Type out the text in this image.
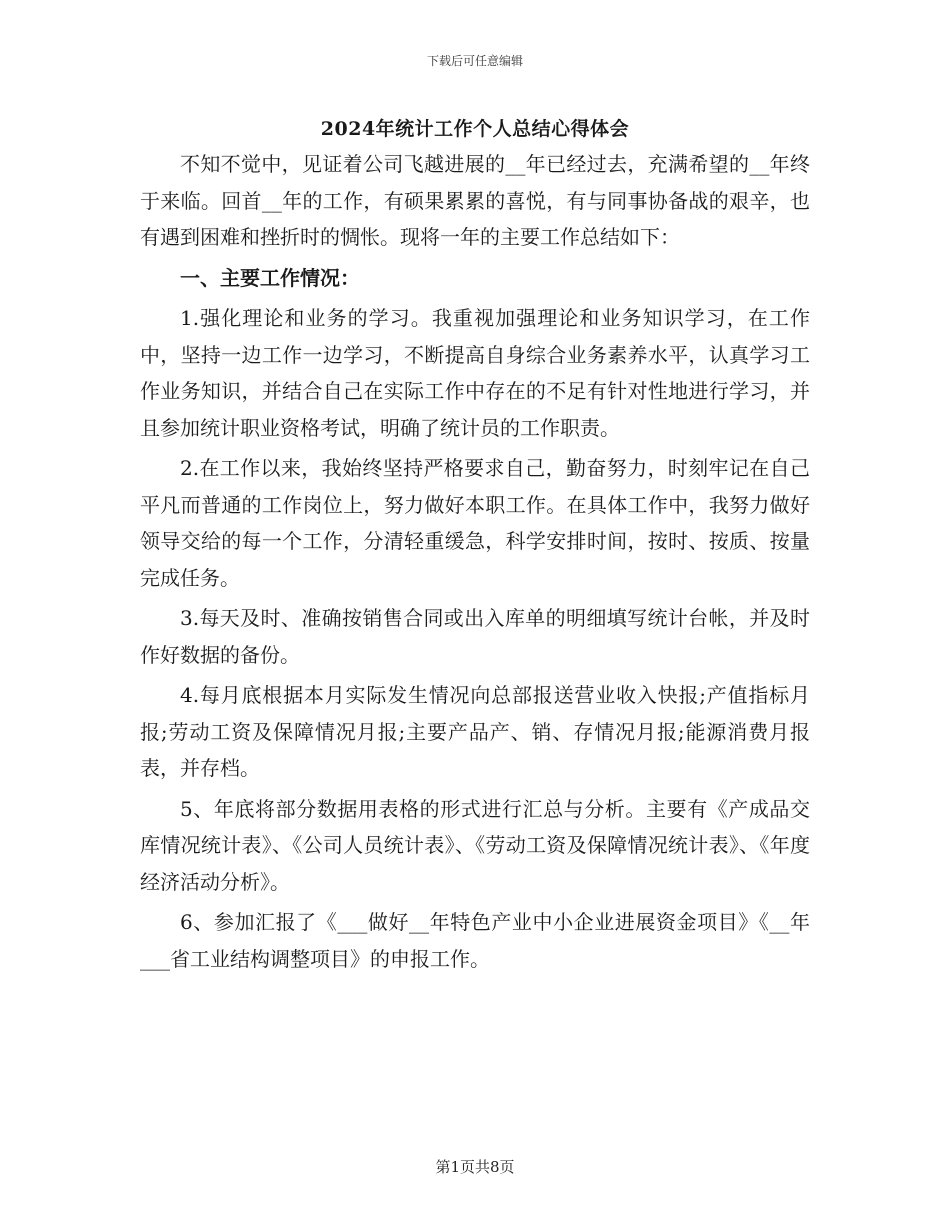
下载后可任意编辑
2024年统计工作个人总结心得体会

不知不觉中，见证着公司飞越进展的__年已经过去，充满希望的__年终于来临。回首__年的工作，有硕果累累的喜悦，有与同事协备战的艰辛，也有遇到困难和挫折时的惆怅。现将一年的主要工作总结如下：

一、主要工作情况：

1.强化理论和业务的学习。我重视加强理论和业务知识学习，在工作中，坚持一边工作一边学习，不断提高自身综合业务素养水平，认真学习工作业务知识，并结合自己在实际工作中存在的不足有针对性地进行学习，并且参加统计职业资格考试，明确了统计员的工作职责。

2.在工作以来，我始终坚持严格要求自己，勤奋努力，时刻牢记在自己平凡而普通的工作岗位上，努力做好本职工作。在具体工作中，我努力做好领导交给的每一个工作，分清轻重缓急，科学安排时间，按时、按质、按量完成任务。

3.每天及时、准确按销售合同或出入库单的明细填写统计台帐，并及时作好数据的备份。

4.每月底根据本月实际发生情况向总部报送营业收入快报;产值指标月报;劳动工资及保障情况月报;主要产品产、销、存情况月报;能源消费月报表，并存档。

5、年底将部分数据用表格的形式进行汇总与分析。主要有《产成品交库情况统计表》、《公司人员统计表》、《劳动工资及保障情况统计表》、《年度经济活动分析》。

6、参加汇报了《___做好__年特色产业中小企业进展资金项目》《__年___省工业结构调整项目》的申报工作。

第1页共8页
